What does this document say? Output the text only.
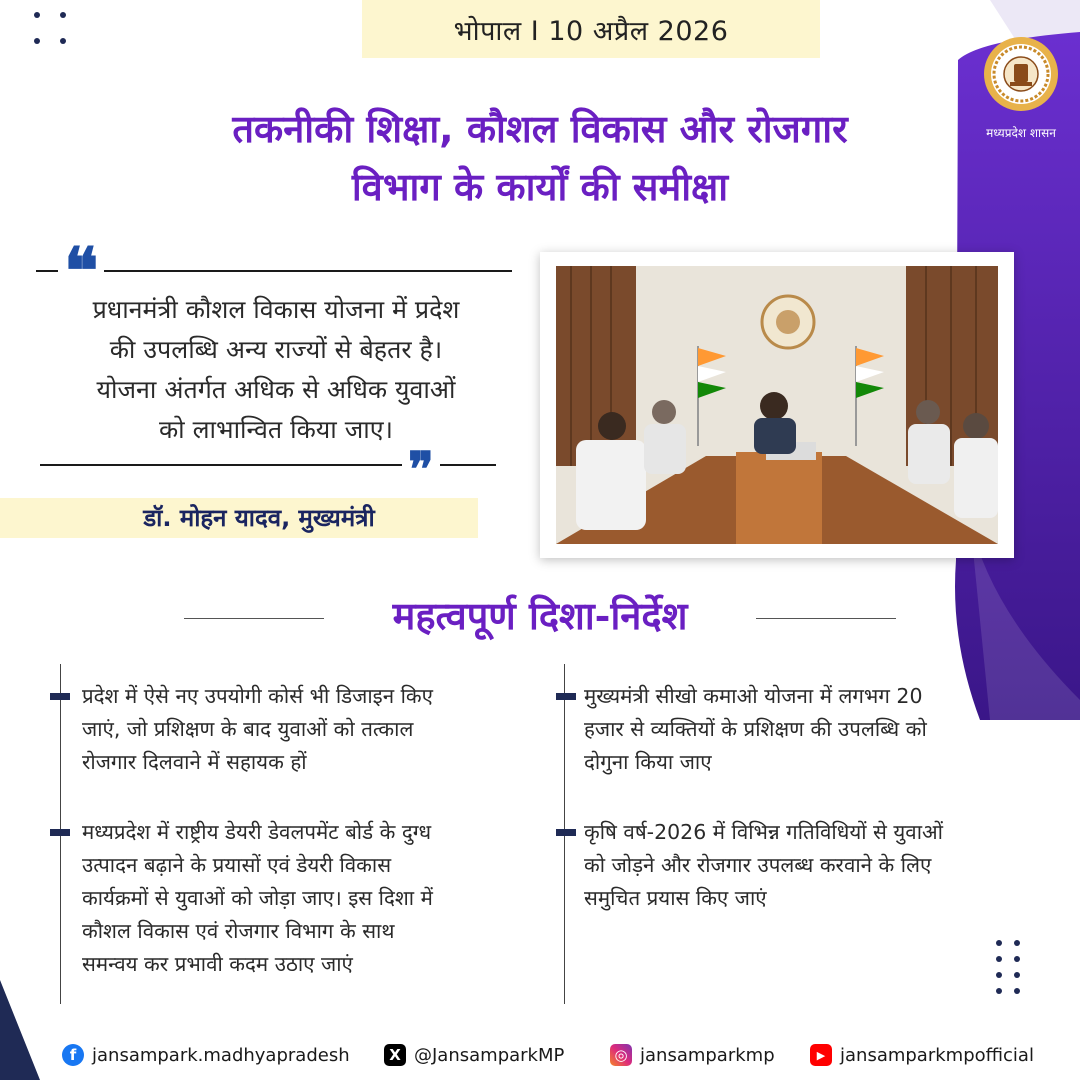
भोपाल I 10 अप्रैल 2026
मध्यप्रदेश शासन
तकनीकी शिक्षा, कौशल विकास और रोजगार
विभाग के कार्यों की समीक्षा
❝
प्रधानमंत्री कौशल विकास योजना में प्रदेश
की उपलब्धि अन्य राज्यों से बेहतर है।
योजना अंतर्गत अधिक से अधिक युवाओं
को लाभान्वित किया जाए।
❞
डॉ. मोहन यादव, मुख्यमंत्री
महत्वपूर्ण दिशा-निर्देश
प्रदेश में ऐसे नए उपयोगी कोर्स भी डिजाइन किए
जाएं, जो प्रशिक्षण के बाद युवाओं को तत्काल
रोजगार दिलवाने में सहायक हों
मध्यप्रदेश में राष्ट्रीय डेयरी डेवलपमेंट बोर्ड के दुग्ध
उत्पादन बढ़ाने के प्रयासों एवं डेयरी विकास
कार्यक्रमों से युवाओं को जोड़ा जाए। इस दिशा में
कौशल विकास एवं रोजगार विभाग के साथ
समन्वय कर प्रभावी कदम उठाए जाएं
मुख्यमंत्री सीखो कमाओ योजना में लगभग 20
हजार से व्यक्तियों के प्रशिक्षण की उपलब्धि को
दोगुना किया जाए
कृषि वर्ष-2026 में विभिन्न गतिविधियों से युवाओं
को जोड़ने और रोजगार उपलब्ध करवाने के लिए
समुचित प्रयास किए जाएं
f jansampark.madhyapradesh	X @JansamparkMP	◎ jansamparkmp	▶ jansamparkmpofficial
